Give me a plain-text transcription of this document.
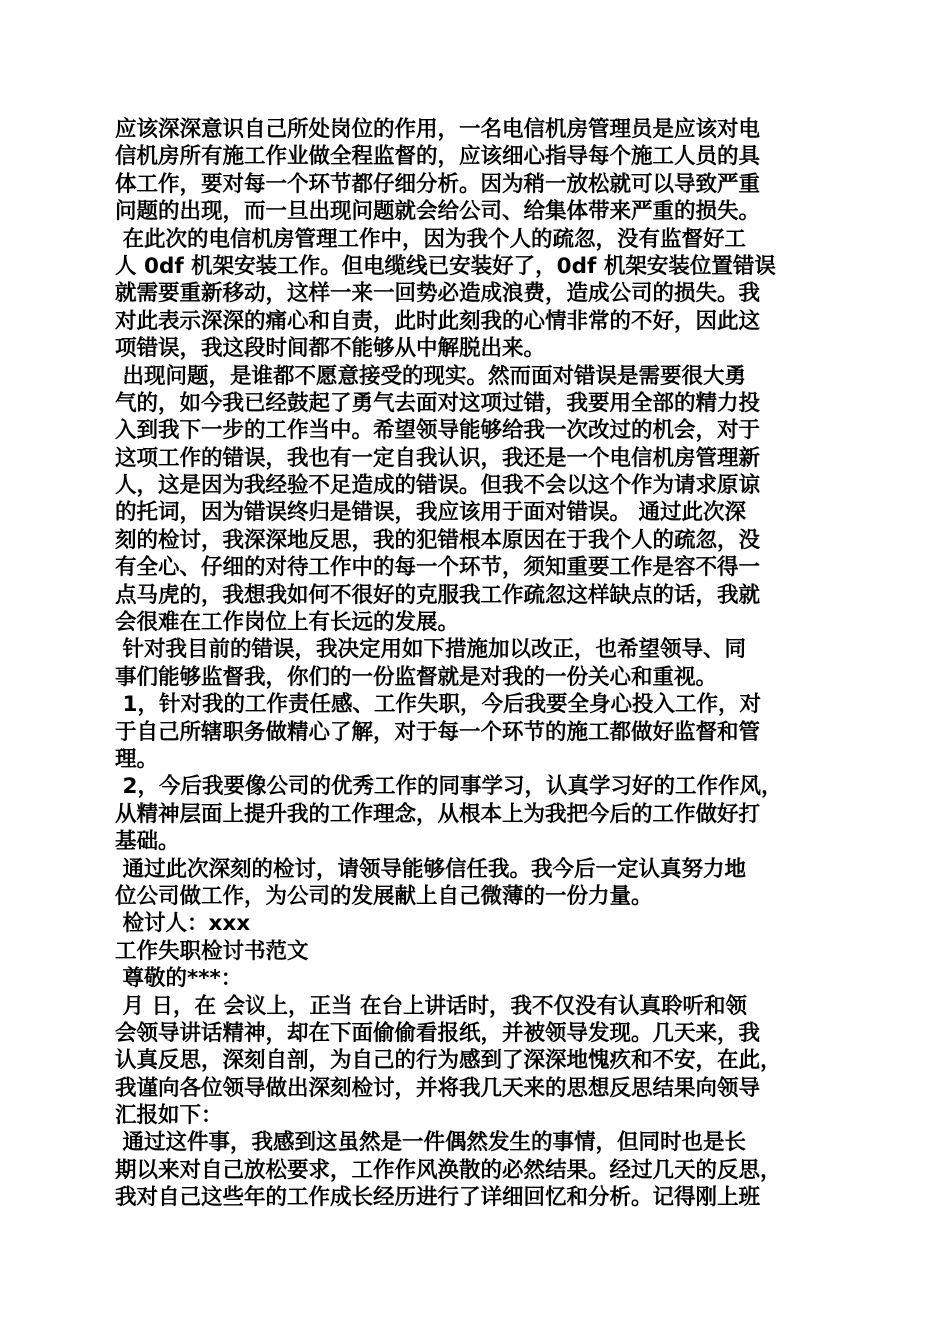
应该深深意识自己所处岗位的作用，一名电信机房管理员是应该对电
信机房所有施工作业做全程监督的，应该细心指导每个施工人员的具
体工作，要对每一个环节都仔细分析。因为稍一放松就可以导致严重
问题的出现，而一旦出现问题就会给公司、给集体带来严重的损失。
在此次的电信机房管理工作中，因为我个人的疏忽，没有监督好工
人 0df 机架安装工作。但电缆线已安装好了，0df 机架安装位置错误
就需要重新移动，这样一来一回势必造成浪费，造成公司的损失。我
对此表示深深的痛心和自责，此时此刻我的心情非常的不好，因此这
项错误，我这段时间都不能够从中解脱出来。
出现问题，是谁都不愿意接受的现实。然而面对错误是需要很大勇
气的，如今我已经鼓起了勇气去面对这项过错，我要用全部的精力投
入到我下一步的工作当中。希望领导能够给我一次改过的机会，对于
这项工作的错误，我也有一定自我认识，我还是一个电信机房管理新
人，这是因为我经验不足造成的错误。但我不会以这个作为请求原谅
的托词，因为错误终归是错误，我应该用于面对错误。 通过此次深
刻的检讨，我深深地反思，我的犯错根本原因在于我个人的疏忽，没
有全心、仔细的对待工作中的每一个环节，须知重要工作是容不得一
点马虎的，我想我如何不很好的克服我工作疏忽这样缺点的话，我就
会很难在工作岗位上有长远的发展。
针对我目前的错误，我决定用如下措施加以改正，也希望领导、同
事们能够监督我，你们的一份监督就是对我的一份关心和重视。
1，针对我的工作责任感、工作失职，今后我要全身心投入工作，对
于自己所辖职务做精心了解，对于每一个环节的施工都做好监督和管
理。
2，今后我要像公司的优秀工作的同事学习，认真学习好的工作作风，
从精神层面上提升我的工作理念，从根本上为我把今后的工作做好打
基础。
通过此次深刻的检讨，请领导能够信任我。我今后一定认真努力地
位公司做工作，为公司的发展献上自己微薄的一份力量。
检讨人：xxx
工作失职检讨书范文
尊敬的***：
月 日，在 会议上，正当 在台上讲话时，我不仅没有认真聆听和领
会领导讲话精神，却在下面偷偷看报纸，并被领导发现。几天来，我
认真反思，深刻自剖，为自己的行为感到了深深地愧疚和不安，在此，
我谨向各位领导做出深刻检讨，并将我几天来的思想反思结果向领导
汇报如下：
通过这件事，我感到这虽然是一件偶然发生的事情，但同时也是长
期以来对自己放松要求，工作作风涣散的必然结果。经过几天的反思，
我对自己这些年的工作成长经历进行了详细回忆和分析。记得刚上班
